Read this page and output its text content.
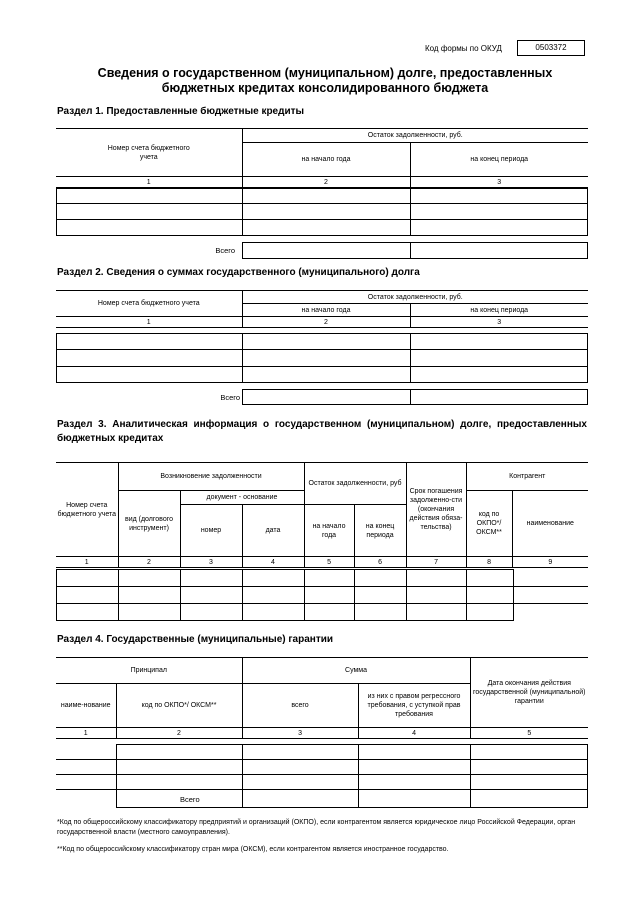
Код формы по ОКУД	0503372
Сведения о государственном (муниципальном) долге, предоставленных
бюджетных кредитах консолидированного бюджета
Раздел 1. Предоставленные бюджетные кредиты
Номер счета бюджетного учета	Остаток задолженности, руб.	
	на начало года	на конец периода
1	2	3
Всего
Раздел 2. Сведения о суммах государственного (муниципального) долга
Номер счета бюджетного учета	Остаток задолженности, руб.	
	на начало года	на конец периода
1	2	3
Всего
Раздел 3. Аналитическая информация о государственном (муниципальном) долге, предоставленных бюджетных кредитах
Номер счета бюджетного учета	Возникновение задолженности			Остаток задолженности, руб		Срок погашения задолженно-сти (окончания действия обяза-тельства)	Контрагент	
	вид (долгового инструмент)	документ - основание					код по ОКПО*/ ОКСМ**	наименование
		номер	дата	на начало года	на конец периода			
1	2	3	4	5	6	7	8	9
Раздел 4. Государственные (муниципальные) гарантии
Принципал		Сумма		Дата окончания действия государственной (муниципальной) гарантии
наиме-нование	код по ОКПО*/ ОКСМ**	всего	из них с правом регрессного требования, с уступкой прав требования	
1	2	3	4	5
Всего
*Код по общероссийскому классификатору предприятий и организаций (ОКПО), если контрагентом является юридическое лицо Российской Федерации, орган государственной власти (местного самоуправления).
**Код по общероссийскому классификатору стран мира (ОКСМ), если контрагентом является иностранное государство.
